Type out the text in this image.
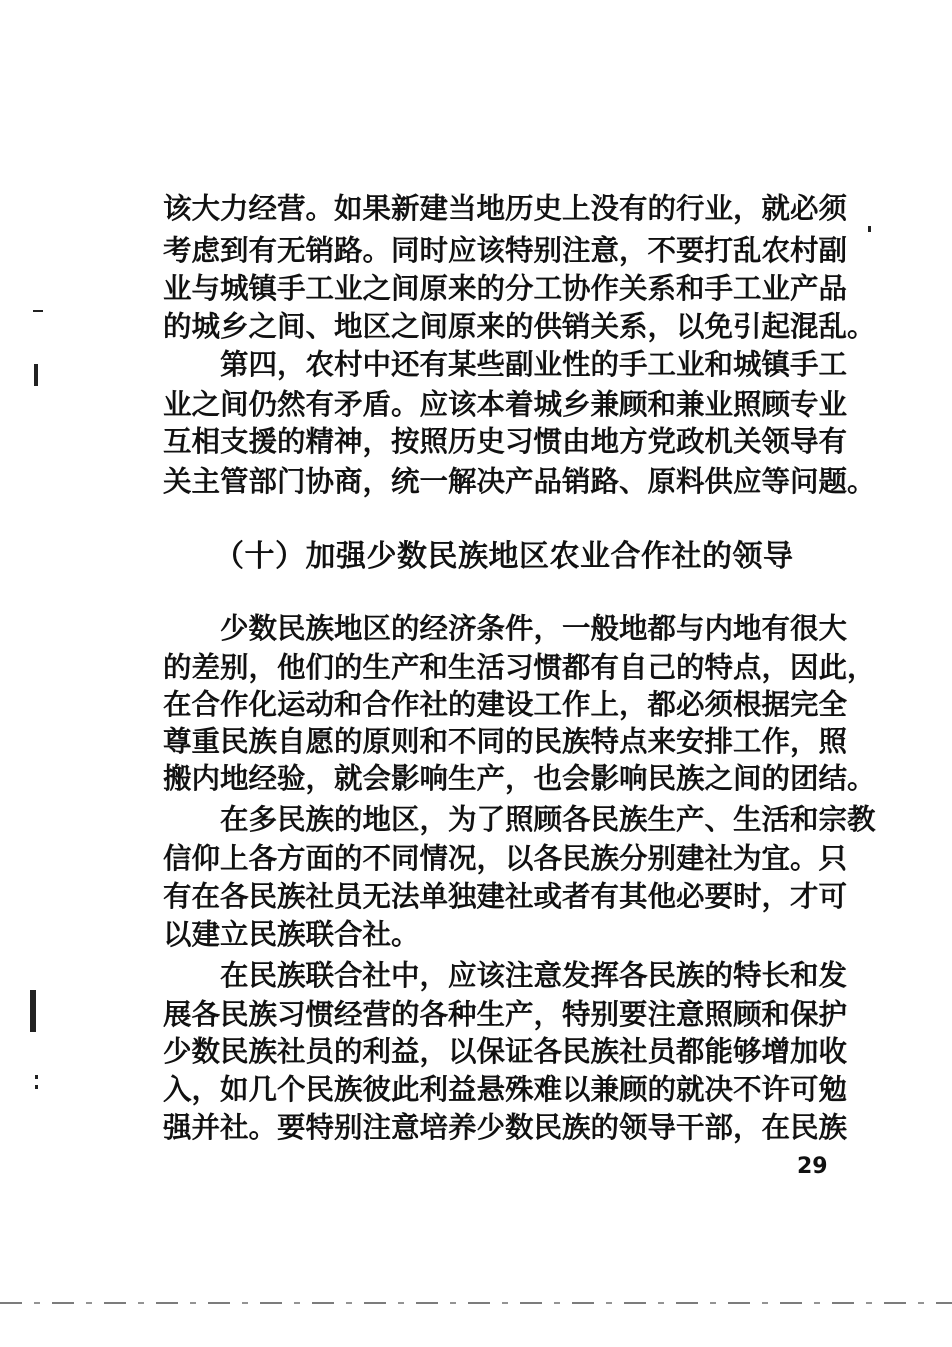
该大力经营。如果新建当地历史上没有的行业，就必须
考虑到有无销路。同时应该特别注意，不要打乱农村副
业与城镇手工业之间原来的分工协作关系和手工业产品
的城乡之间、地区之间原来的供销关系，以免引起混乱。
第四，农村中还有某些副业性的手工业和城镇手工
业之间仍然有矛盾。应该本着城乡兼顾和兼业照顾专业
互相支援的精神，按照历史习惯由地方党政机关领导有
关主管部门协商，统一解决产品销路、原料供应等问题。
（十）加强少数民族地区农业合作社的领导
少数民族地区的经济条件，一般地都与内地有很大
的差别，他们的生产和生活习惯都有自己的特点，因此，
在合作化运动和合作社的建设工作上，都必须根据完全
尊重民族自愿的原则和不同的民族特点来安排工作，照
搬内地经验，就会影响生产，也会影响民族之间的团结。
在多民族的地区，为了照顾各民族生产、生活和宗教
信仰上各方面的不同情况，以各民族分别建社为宜。只
有在各民族社员无法单独建社或者有其他必要时，才可
以建立民族联合社。
在民族联合社中，应该注意发挥各民族的特长和发
展各民族习惯经营的各种生产，特别要注意照顾和保护
少数民族社员的利益，以保证各民族社员都能够增加收
入，如几个民族彼此利益悬殊难以兼顾的就决不许可勉
强并社。要特别注意培养少数民族的领导干部，在民族
29
